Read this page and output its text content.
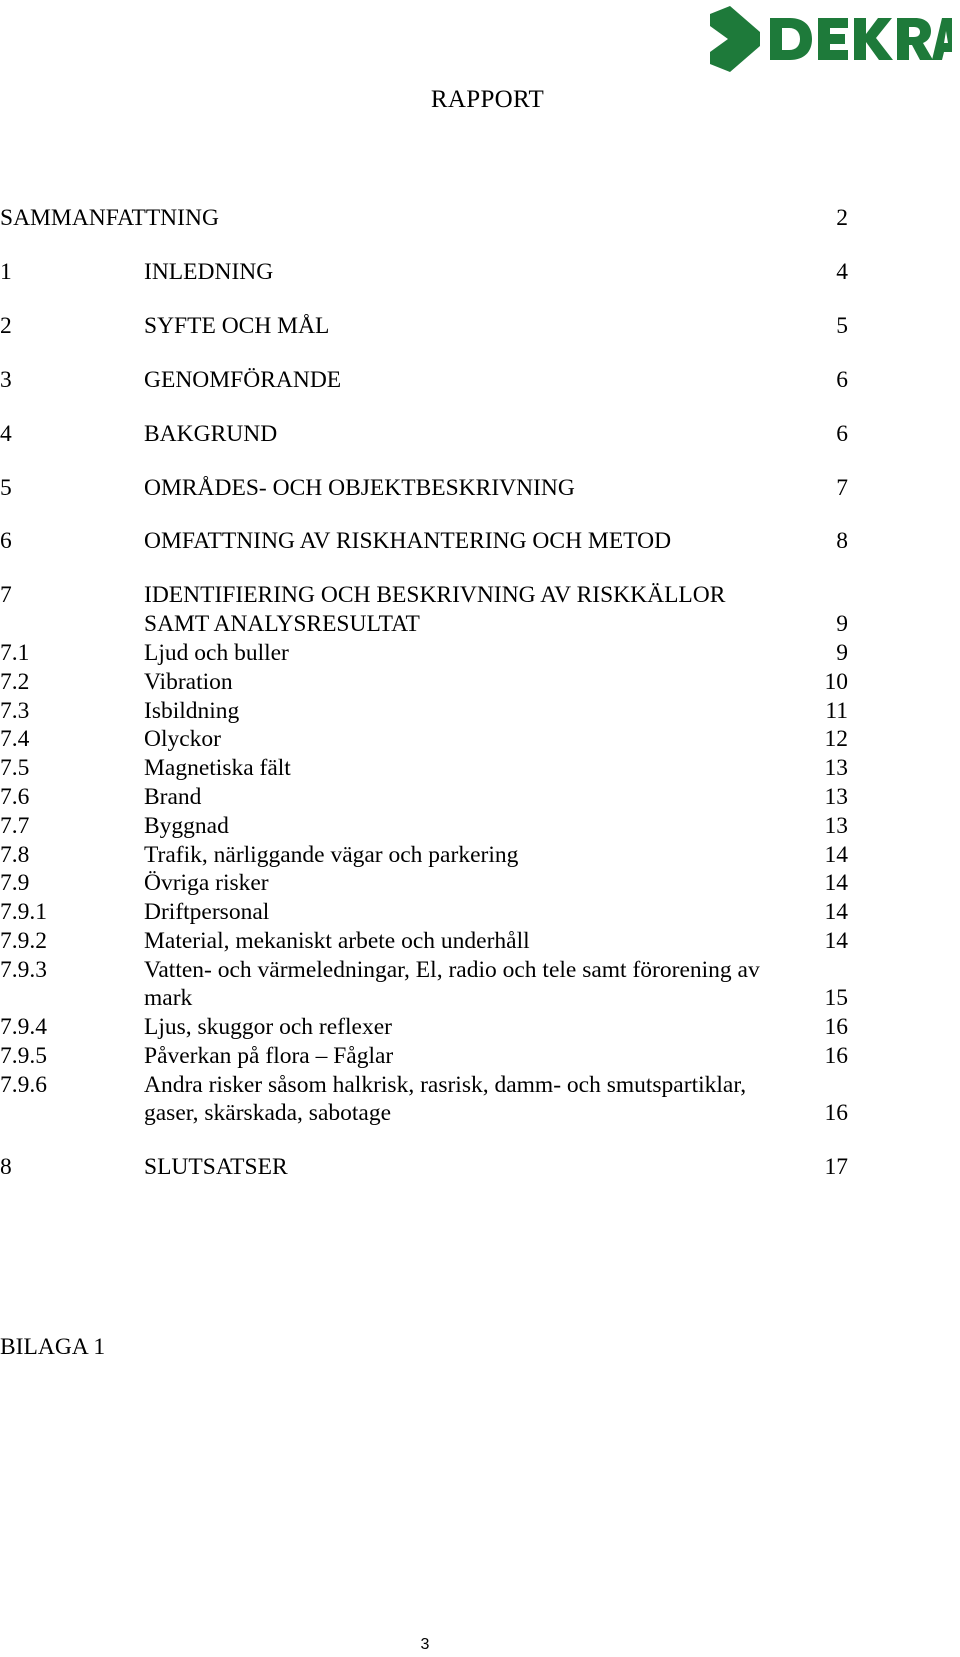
RAPPORT
SAMMANFATTNING	2
1	INLEDNING	4
2	SYFTE OCH MÅL	5
3	GENOMFÖRANDE	6
4	BAKGRUND	6
5	OMRÅDES- OCH OBJEKTBESKRIVNING	7
6	OMFATTNING AV RISKHANTERING OCH METOD	8
7	IDENTIFIERING OCH BESKRIVNING AV RISKKÄLLOR
SAMT ANALYSRESULTAT	9
7.1	Ljud och buller	9
7.2	Vibration	10
7.3	Isbildning	11
7.4	Olyckor	12
7.5	Magnetiska fält	13
7.6	Brand	13
7.7	Byggnad	13
7.8	Trafik, närliggande vägar och parkering	14
7.9	Övriga risker	14
7.9.1	Driftpersonal	14
7.9.2	Material, mekaniskt arbete och underhåll	14
7.9.3	Vatten- och värmeledningar, El, radio och tele samt förorening av
mark	15
7.9.4	Ljus, skuggor och reflexer	16
7.9.5	Påverkan på flora – Fåglar	16
7.9.6	Andra risker såsom halkrisk, rasrisk, damm- och smutspartiklar,
gaser, skärskada, sabotage	16
8	SLUTSATSER	17
BILAGA 1
3
